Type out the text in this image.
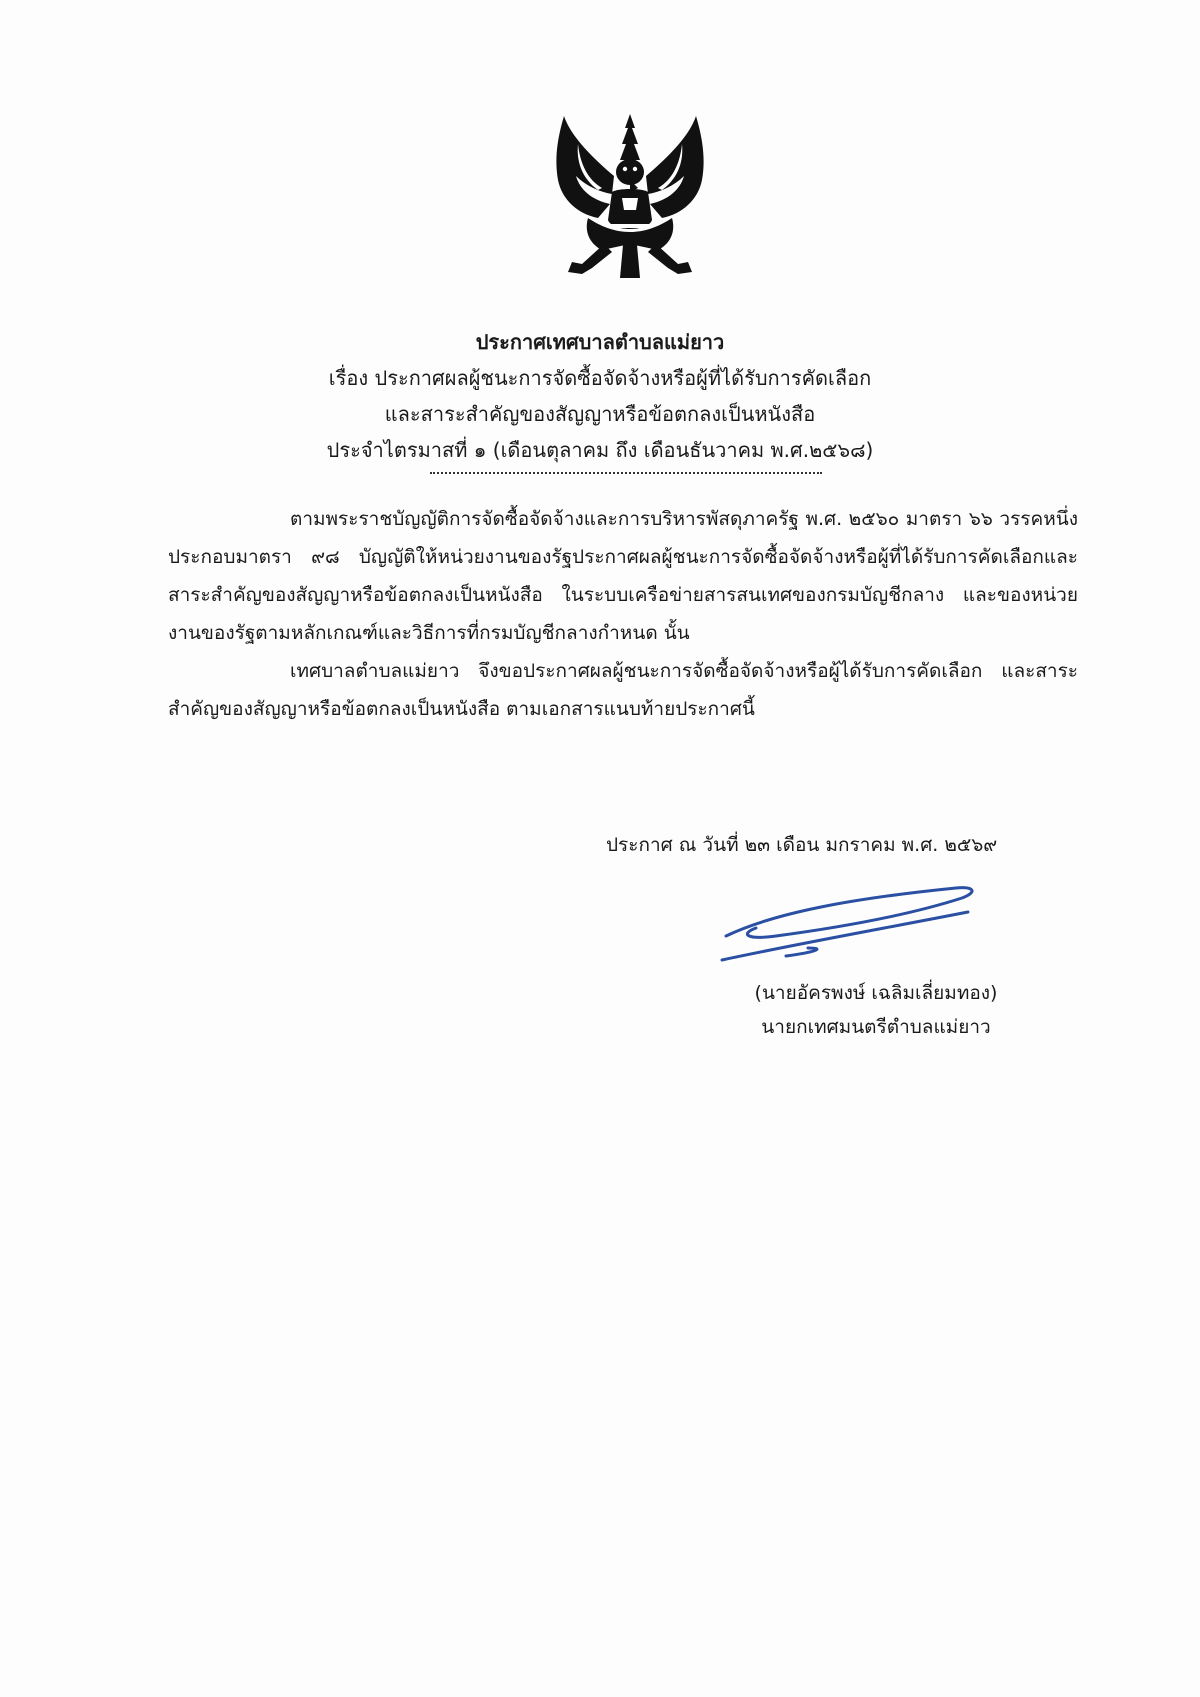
ประกาศเทศบาลตำบลแม่ยาว
เรื่อง ประกาศผลผู้ชนะการจัดซื้อจัดจ้างหรือผู้ที่ได้รับการคัดเลือก
และสาระสำคัญของสัญญาหรือข้อตกลงเป็นหนังสือ
ประจำไตรมาสที่ ๑ (เดือนตุลาคม ถึง เดือนธันวาคม พ.ศ.๒๕๖๘)
ตามพระราชบัญญัติการจัดซื้อจัดจ้างและการบริหารพัสดุภาครัฐ พ.ศ. ๒๕๖๐ มาตรา ๖๖ วรรคหนึ่ง ประกอบมาตรา ๙๘ บัญญัติให้หน่วยงานของรัฐประกาศผลผู้ชนะการจัดซื้อจัดจ้างหรือผู้ที่ได้รับการคัดเลือกและสาระสำคัญของสัญญาหรือข้อตกลงเป็นหนังสือ ในระบบเครือข่ายสารสนเทศของกรมบัญชีกลาง และของหน่วยงานของรัฐตามหลักเกณฑ์และวิธีการที่กรมบัญชีกลางกำหนด นั้น
เทศบาลตำบลแม่ยาว จึงขอประกาศผลผู้ชนะการจัดซื้อจัดจ้างหรือผู้ได้รับการคัดเลือก และสาระสำคัญของสัญญาหรือข้อตกลงเป็นหนังสือ ตามเอกสารแนบท้ายประกาศนี้
ประกาศ ณ วันที่ ๒๓ เดือน มกราคม พ.ศ. ๒๕๖๙
(นายอัครพงษ์ เฉลิมเลี่ยมทอง)
นายกเทศมนตรีตำบลแม่ยาว
